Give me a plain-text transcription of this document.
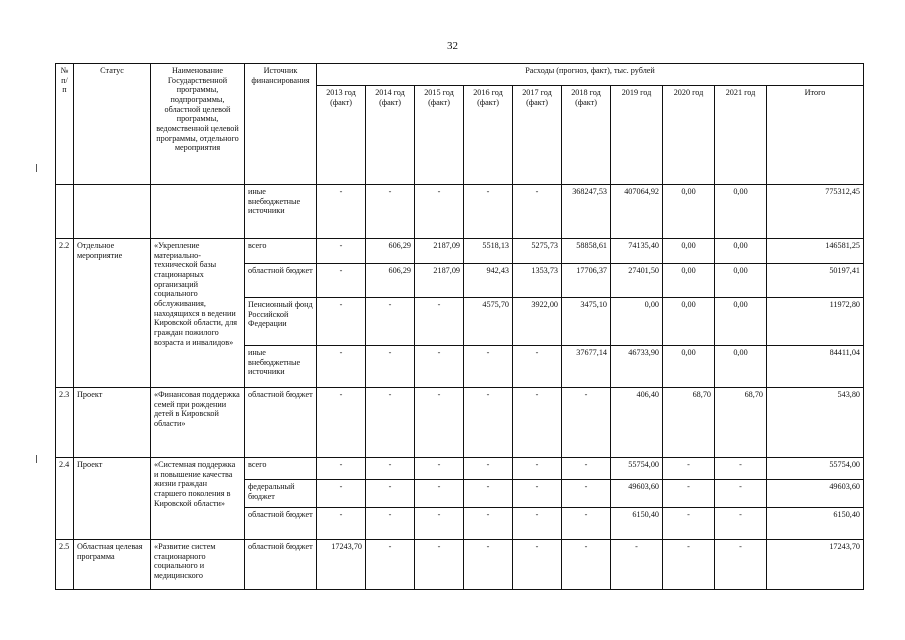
32
№ п/п	Статус	Наименование Государственной программы, подпрограммы, областной целевой программы, ведомственной целевой программы, отдельного мероприятия	Источник финансирования	Расходы (прогноз, факт), тыс. рублей									
				2013 год (факт)	2014 год (факт)	2015 год (факт)	2016 год (факт)	2017 год (факт)	2018 год (факт)	2019 год	2020 год	2021 год	Итого
			иные внебюджетные источники	-	-	-	-	-	368247,53	407064,92	0,00	0,00	775312,45
2.2	Отдельное мероприятие	«Укрепление материально-технической базы стационарных организаций социального обслуживания, находящихся в ведении Кировской области, для граждан пожилого возраста и инвалидов»	всего	-	606,29	2187,09	5518,13	5275,73	58858,61	74135,40	0,00	0,00	146581,25
			областной бюджет	-	606,29	2187,09	942,43	1353,73	17706,37	27401,50	0,00	0,00	50197,41
			Пенсионный фонд Российской Федерации	-	-	-	4575,70	3922,00	3475,10	0,00	0,00	0,00	11972,80
			иные внебюджетные источники	-	-	-	-	-	37677,14	46733,90	0,00	0,00	84411,04
2.3	Проект	«Финансовая поддержка семей при рождении детей в Кировской области»	областной бюджет	-	-	-	-	-	-	406,40	68,70	68,70	543,80
2.4	Проект	«Системная поддержка и повышение качества жизни граждан старшего поколения в Кировской области»	всего	-	-	-	-	-	-	55754,00	-	-	55754,00
			федеральный бюджет	-	-	-	-	-	-	49603,60	-	-	49603,60
			областной бюджет	-	-	-	-	-	-	6150,40	-	-	6150,40
2.5	Областная целевая программа	«Развитие систем стационарного социального и медицинского	областной бюджет	17243,70	-	-	-	-	-	-	-	-	17243,70
